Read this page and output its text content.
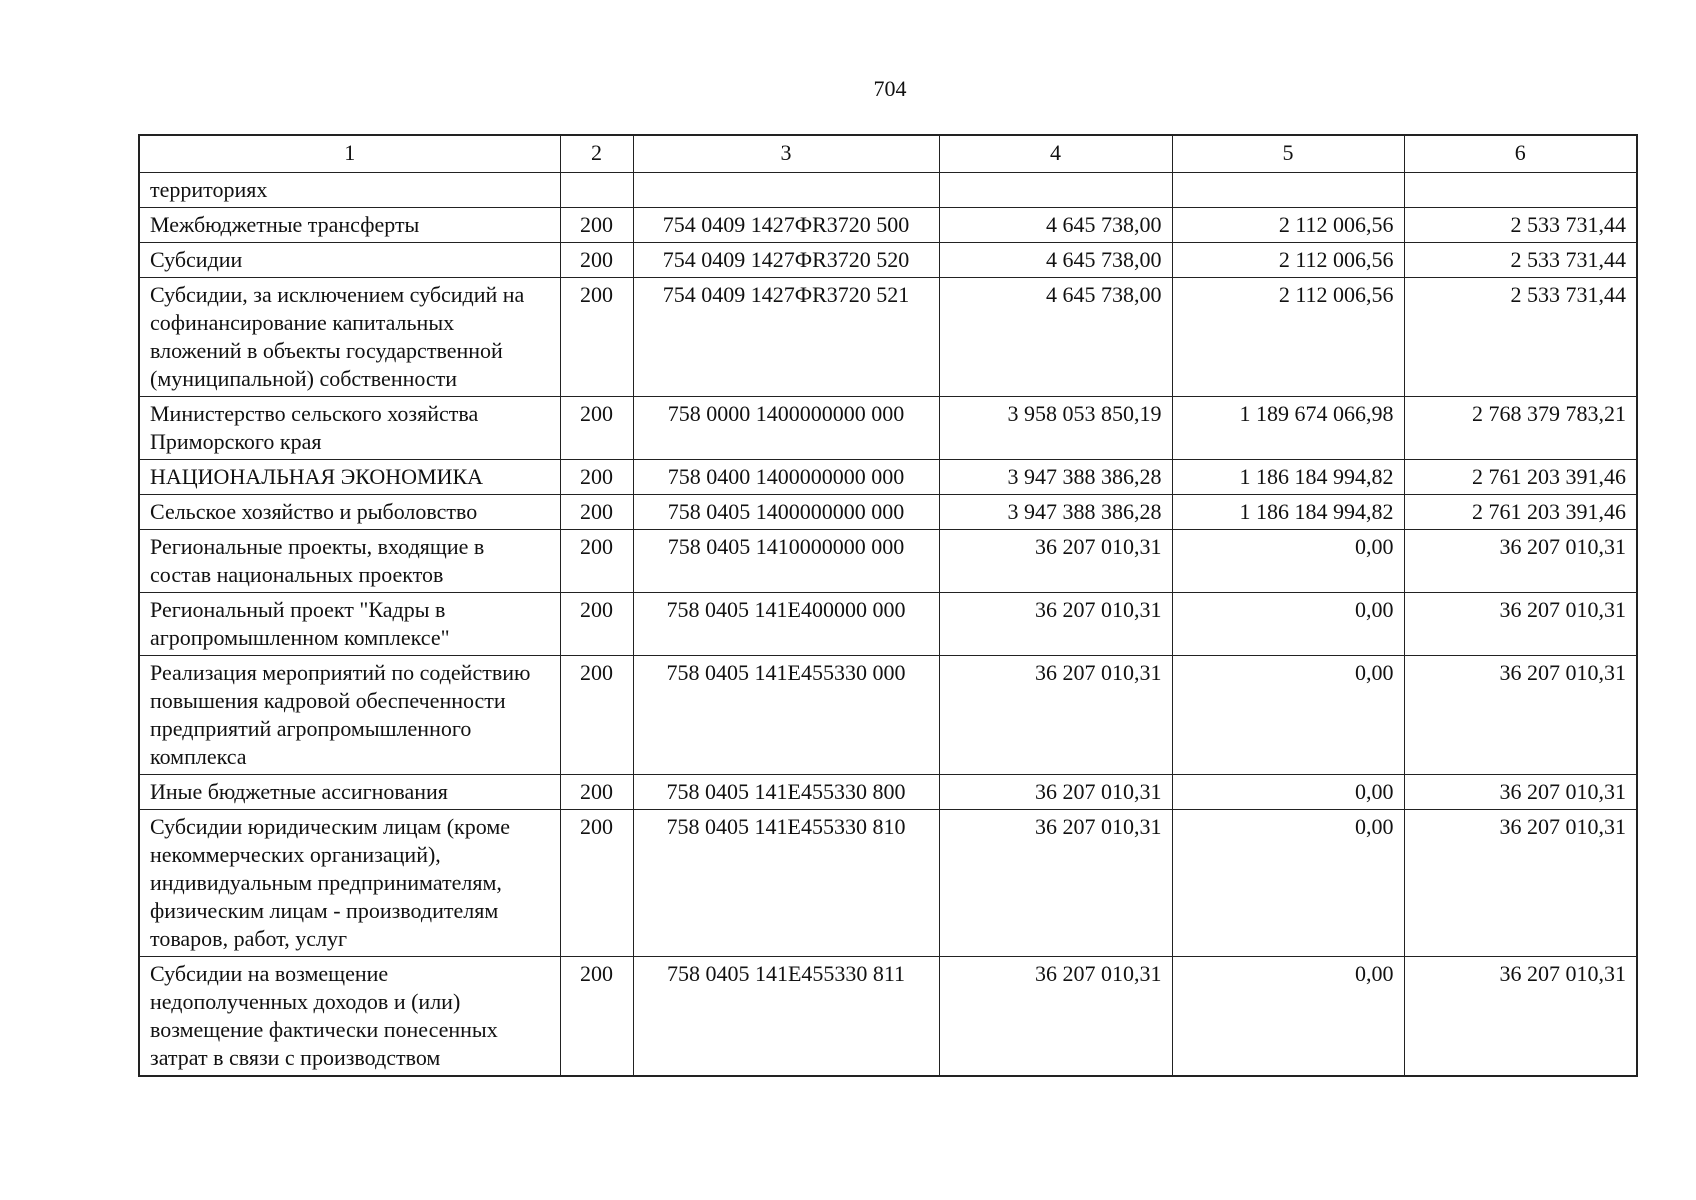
704
1	2	3	4	5	6
территориях					
Межбюджетные трансферты	200	754 0409 1427ФR3720 500	4 645 738,00	2 112 006,56	2 533 731,44
Субсидии	200	754 0409 1427ФR3720 520	4 645 738,00	2 112 006,56	2 533 731,44
Субсидии, за исключением субсидий на софинансирование капитальных вложений в объекты государственной (муниципальной) собственности	200	754 0409 1427ФR3720 521	4 645 738,00	2 112 006,56	2 533 731,44
Министерство сельского хозяйства Приморского края	200	758 0000 1400000000 000	3 958 053 850,19	1 189 674 066,98	2 768 379 783,21
НАЦИОНАЛЬНАЯ ЭКОНОМИКА	200	758 0400 1400000000 000	3 947 388 386,28	1 186 184 994,82	2 761 203 391,46
Сельское хозяйство и рыболовство	200	758 0405 1400000000 000	3 947 388 386,28	1 186 184 994,82	2 761 203 391,46
Региональные проекты, входящие в состав национальных проектов	200	758 0405 1410000000 000	36 207 010,31	0,00	36 207 010,31
Региональный проект "Кадры в агропромышленном комплексе"	200	758 0405 141E400000 000	36 207 010,31	0,00	36 207 010,31
Реализация мероприятий по содействию повышения кадровой обеспеченности предприятий агропромышленного комплекса	200	758 0405 141E455330 000	36 207 010,31	0,00	36 207 010,31
Иные бюджетные ассигнования	200	758 0405 141E455330 800	36 207 010,31	0,00	36 207 010,31
Субсидии юридическим лицам (кроме некоммерческих организаций), индивидуальным предпринимателям, физическим лицам - производителям товаров, работ, услуг	200	758 0405 141E455330 810	36 207 010,31	0,00	36 207 010,31
Субсидии на возмещение недополученных доходов и (или) возмещение фактически понесенных затрат в связи с производством	200	758 0405 141E455330 811	36 207 010,31	0,00	36 207 010,31
